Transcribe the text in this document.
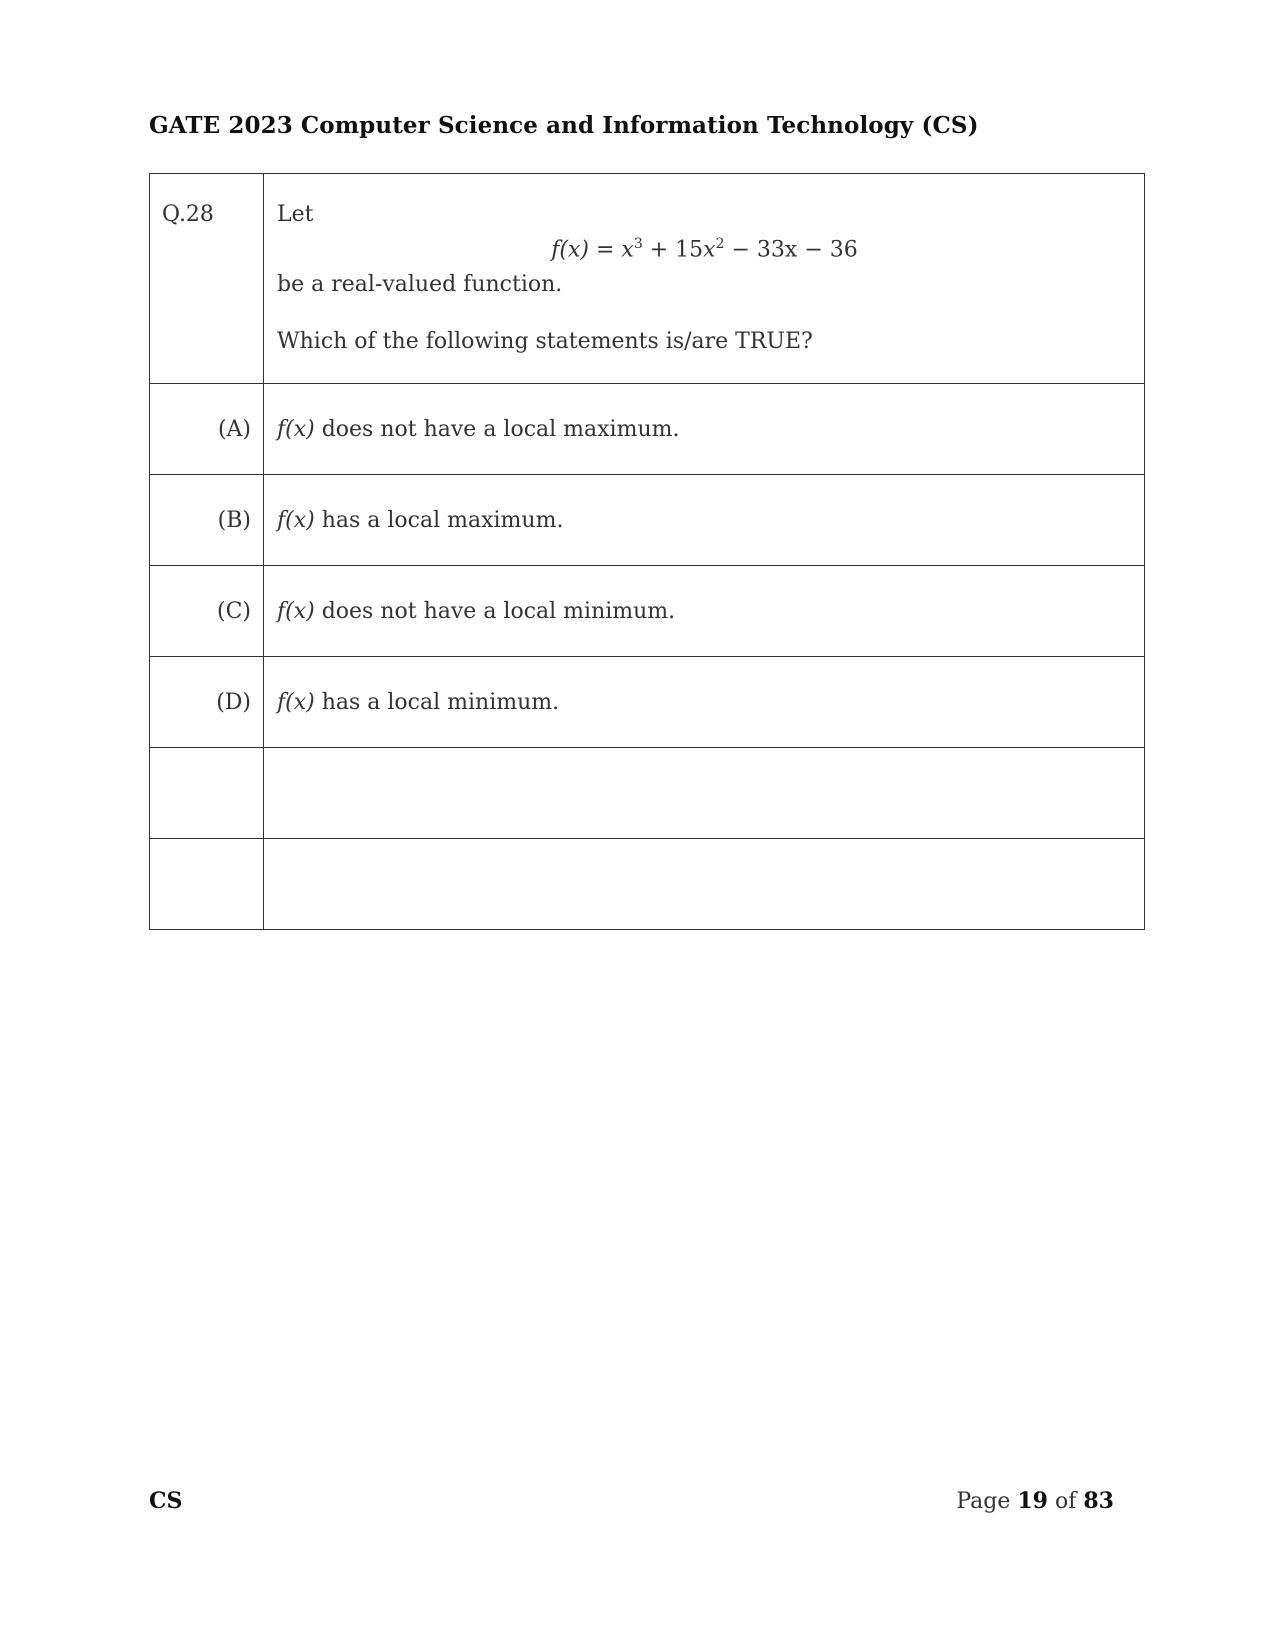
GATE 2023 Computer Science and Information Technology (CS)
Q.28	Let

$f(x) = x^3 + 15x^2 - 33x - 36$

be a real-valued function.

Which of the following statements is/are TRUE?

(A)	f(x) does not have a local maximum.
(B)	f(x) has a local maximum.
(C)	f(x) does not have a local minimum.
(D)	f(x) has a local minimum.

CS	Page 19 of 83
